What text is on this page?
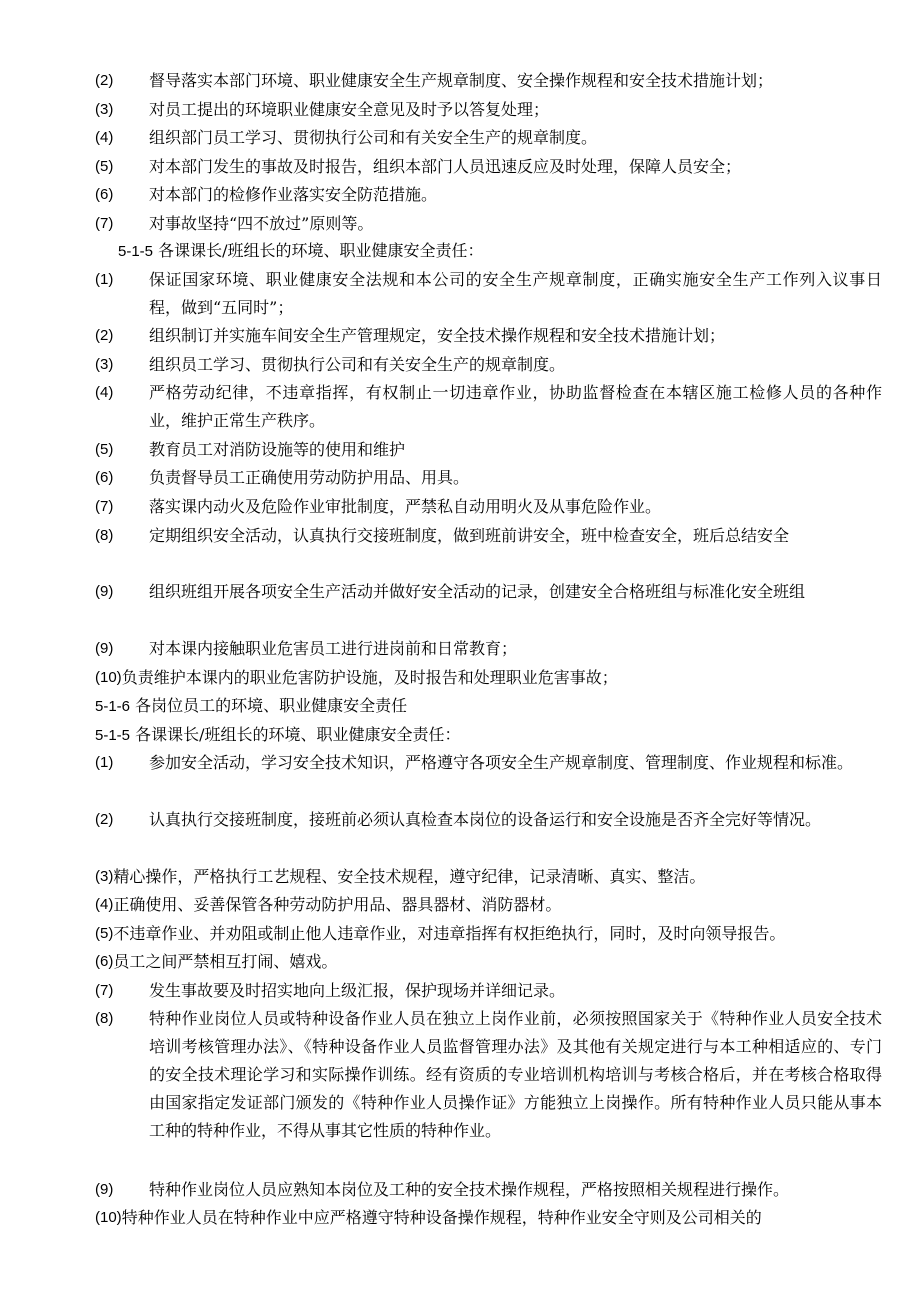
(2)	督导落实本部门环境、职业健康安全生产规章制度、安全操作规程和安全技术措施计划；
(3)	对员工提出的环境职业健康安全意见及时予以答复处理；
(4)	组织部门员工学习、贯彻执行公司和有关安全生产的规章制度。
(5)	对本部门发生的事故及时报告，组织本部门人员迅速反应及时处理，保障人员安全；
(6)	对本部门的检修作业落实安全防范措施。
(7)	对事故坚持“四不放过”原则等。
5-1-5 各课课长/班组长的环境、职业健康安全责任：
(1)	保证国家环境、职业健康安全法规和本公司的安全生产规章制度，正确实施安全生产工作列入议事日程，做到“五同时”；
(2)	组织制订并实施车间安全生产管理规定，安全技术操作规程和安全技术措施计划；
(3)	组织员工学习、贯彻执行公司和有关安全生产的规章制度。
(4)	严格劳动纪律，不违章指挥，有权制止一切违章作业，协助监督检查在本辖区施工检修人员的各种作业，维护正常生产秩序。
(5)	教育员工对消防设施等的使用和维护
(6)	负责督导员工正确使用劳动防护用品、用具。
(7)	落实课内动火及危险作业审批制度，严禁私自动用明火及从事危险作业。
(8)	定期组织安全活动，认真执行交接班制度，做到班前讲安全，班中检查安全，班后总结安全
(9)	组织班组开展各项安全生产活动并做好安全活动的记录，创建安全合格班组与标准化安全班组
(9)	对本课内接触职业危害员工进行进岗前和日常教育；
(10) 负责维护本课内的职业危害防护设施，及时报告和处理职业危害事故；
5-1-6 各岗位员工的环境、职业健康安全责任
5-1-5 各课课长/班组长的环境、职业健康安全责任：
(1)	参加安全活动，学习安全技术知识，严格遵守各项安全生产规章制度、管理制度、作业规程和标准。
(2)	认真执行交接班制度，接班前必须认真检查本岗位的设备运行和安全设施是否齐全完好等情况。
(3) 精心操作，严格执行工艺规程、安全技术规程，遵守纪律，记录清晰、真实、整洁。
(4) 正确使用、妥善保管各种劳动防护用品、器具器材、消防器材。
(5) 不违章作业、并劝阻或制止他人违章作业，对违章指挥有权拒绝执行，同时，及时向领导报告。
(6) 员工之间严禁相互打闹、嬉戏。
(7)	发生事故要及时招实地向上级汇报，保护现场并详细记录。
(8)	特种作业岗位人员或特种设备作业人员在独立上岗作业前，必须按照国家关于《特种作业人员安全技术培训考核管理办法》、《特种设备作业人员监督管理办法》及其他有关规定进行与本工种相适应的、专门的安全技术理论学习和实际操作训练。经有资质的专业培训机构培训与考核合格后，并在考核合格取得由国家指定发证部门颁发的《特种作业人员操作证》方能独立上岗操作。所有特种作业人员只能从事本工种的特种作业，不得从事其它性质的特种作业。
(9)	特种作业岗位人员应熟知本岗位及工种的安全技术操作规程，严格按照相关规程进行操作。
(10) 特种作业人员在特种作业中应严格遵守特种设备操作规程，特种作业安全守则及公司相关的
